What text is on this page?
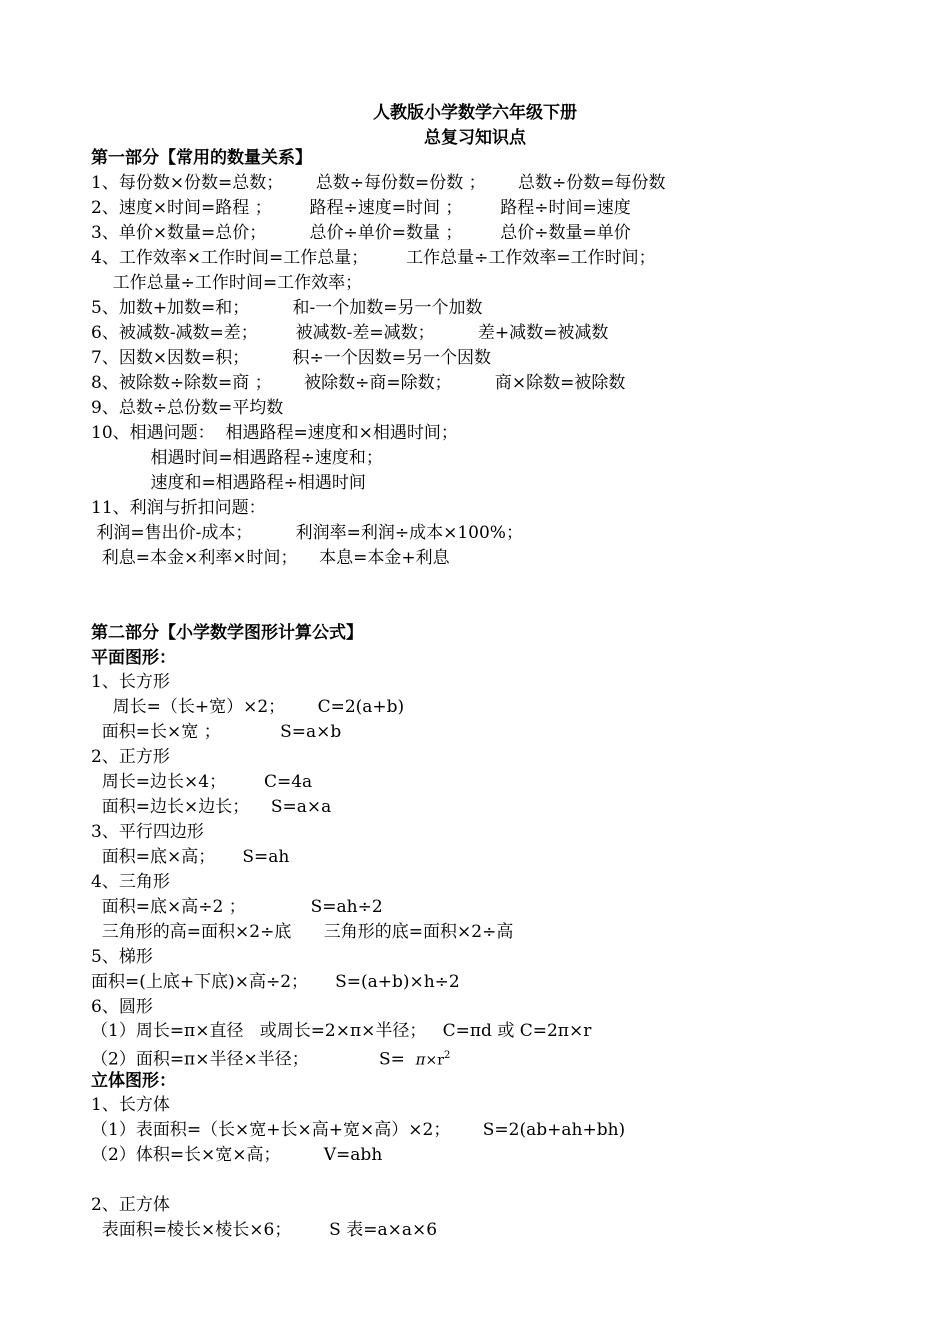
人教版小学数学六年级下册
总复习知识点
第一部分【常用的数量关系】
1、每份数×份数=总数；      总数÷每份数=份数 ；      总数÷份数=每份数
2、速度×时间=路程 ；       路程÷速度=时间 ；       路程÷时间=速度
3、单价×数量=总价；        总价÷单价=数量 ；       总价÷数量=单价
4、工作效率×工作时间=工作总量；       工作总量÷工作效率=工作时间；
工作总量÷工作时间=工作效率；
5、加数+加数=和；        和-一个加数=另一个加数
6、被减数-减数=差；       被减数-差=减数；        差+减数=被减数
7、因数×因数=积；        积÷一个因数=另一个因数
8、被除数÷除数=商 ；      被除数÷商=除数；        商×除数=被除数
9、总数÷总份数=平均数
10、相遇问题：  相遇路程=速度和×相遇时间；
相遇时间=相遇路程÷速度和；
速度和=相遇路程÷相遇时间
11、利润与折扣问题：
利润=售出价-成本；        利润率=利润÷成本×100%；
利息=本金×利率×时间；    本息=本金+利息
第二部分【小学数学图形计算公式】
平面图形：
1、长方形
周长=（长+宽）×2；      C=2(a+b)
面积=长×宽 ；           S=a×b
2、正方形
周长=边长×4；       C=4a
面积=边长×边长；    S=a×a
3、平行四边形
面积=底×高；     S=ah
4、三角形
面积=底×高÷2 ；            S=ah÷2
三角形的高=面积×2÷底      三角形的底=面积×2÷高
5、梯形
面积=(上底+下底)×高÷2；     S=(a+b)×h÷2
6、圆形
（1）周长=π×直径   或周长=2×π×半径；   C=πd 或 C=2π×r
（2）面积=π×半径×半径；             $S= \pi\times r^2$
立体图形：
1、长方体
（1）表面积=（长×宽+长×高+宽×高）×2；      S=2(ab+ah+bh)
（2）体积=长×宽×高；        V=abh
2、正方体
表面积=棱长×棱长×6；       S 表=a×a×6
